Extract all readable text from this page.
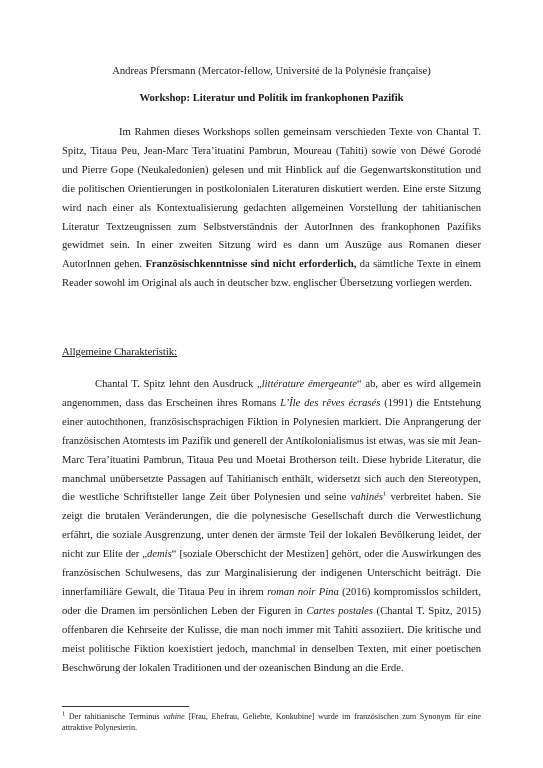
Andreas Pfersmann (Mercator-fellow, Université de la Polynésie française)
Workshop: Literatur und Politik im frankophonen Pazifik

Im Rahmen dieses Workshops sollen gemeinsam verschieden Texte von Chantal T. Spitz, Titaua Peu, Jean-Marc Tera’ituatini Pambrun, Moureau (Tahiti) sowie von Déwé Gorodé und Pierre Gope (Neukaledonien) gelesen und mit Hinblick auf die Gegenwartskonstitution und die politischen Orientierungen in postkolonialen Literaturen diskutiert werden. Eine erste Sitzung wird nach einer als Kontextualisierung gedachten allgemeinen Vorstellung der tahitianischen Literatur Textzeugnissen zum Selbstverständnis der AutorInnen des frankophonen Pazifiks gewidmet sein. In einer zweiten Sitzung wird es dann um Auszüge aus Romanen dieser AutorInnen gehen. Französischkenntnisse sind nicht erforderlich, da sämtliche Texte in einem Reader sowohl im Original als auch in deutscher bzw. englischer Übersetzung vorliegen werden.

Allgemeine Charakteristik:

Chantal T. Spitz lehnt den Ausdruck „littérature émergeante“ ab, aber es wird allgemein angenommen, dass das Erscheinen ihres Romans L’Île des rêves écrasés (1991) die Entstehung einer autochthonen, französischsprachigen Fiktion in Polynesien markiert. Die Anprangerung der französischen Atomtests im Pazifik und generell der Antikolonialismus ist etwas, was sie mit Jean-Marc Tera’ituatini Pambrun, Titaua Peu und Moetai Brotherson teilt. Diese hybride Literatur, die manchmal unübersetzte Passagen auf Tahitianisch enthält, widersetzt sich auch den Stereotypen, die westliche Schriftsteller lange Zeit über Polynesien und seine vahinés$^1$ verbreitet haben. Sie zeigt die brutalen Veränderungen, die die polynesische Gesellschaft durch die Verwestlichung erfährt, die soziale Ausgrenzung, unter denen der ärmste Teil der lokalen Bevölkerung leidet, der nicht zur Elite der „demis“ [soziale Oberschicht der Mestizen] gehört, oder die Auswirkungen des französischen Schulwesens, das zur Marginalisierung der indigenen Unterschicht beiträgt. Die innerfamiliäre Gewalt, die Titaua Peu in ihrem roman noir Pina (2016) kompromisslos schildert, oder die Dramen im persönlichen Leben der Figuren in Cartes postales (Chantal T. Spitz, 2015) offenbaren die Kehrseite der Kulisse, die man noch immer mit Tahiti assoziiert. Die kritische und meist politische Fiktion koexistiert jedoch, manchmal in denselben Texten, mit einer poetischen Beschwörung der lokalen Traditionen und der ozeanischen Bindung an die Erde.

$^1$ Der tahitianische Terminus vahine [Frau, Ehefrau, Geliebte, Konkubine] wurde im französischen zum Synonym für eine attraktive Polynesierin.
